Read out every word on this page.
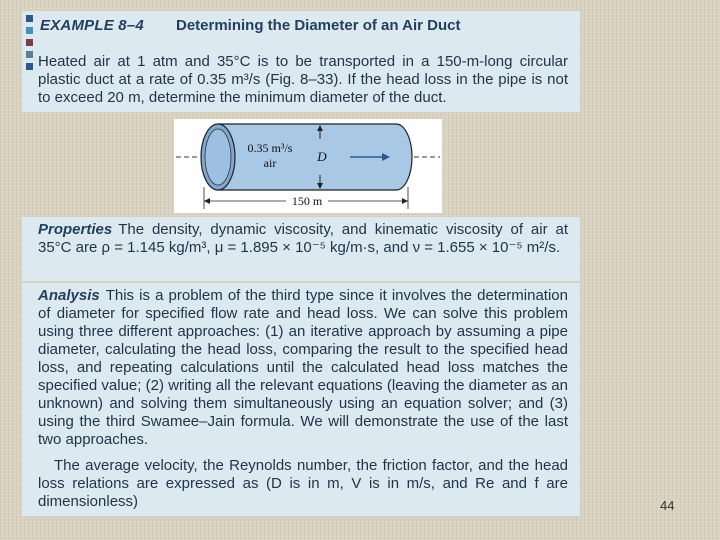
EXAMPLE 8–4 Determining the Diameter of an Air Duct

Heated air at 1 atm and 35°C is to be transported in a 150-m-long circular plastic duct at a rate of 0.35 m³/s (Fig. 8–33). If the head loss in the pipe is not to exceed 20 m, determine the minimum diameter of the duct.

0.35 m³/s
air	D
150 m

Properties The density, dynamic viscosity, and kinematic viscosity of air at 35°C are ρ = 1.145 kg/m³, μ = 1.895 × 10⁻⁵ kg/m·s, and ν = 1.655 × 10⁻⁵ m²/s.

Analysis This is a problem of the third type since it involves the determination of diameter for specified flow rate and head loss. We can solve this problem using three different approaches: (1) an iterative approach by assuming a pipe diameter, calculating the head loss, comparing the result to the specified head loss, and repeating calculations until the calculated head loss matches the specified value; (2) writing all the relevant equations (leaving the diameter as an unknown) and solving them simultaneously using an equation solver; and (3) using the third Swamee–Jain formula. We will demonstrate the use of the last two approaches.

The average velocity, the Reynolds number, the friction factor, and the head loss relations are expressed as (D is in m, V is in m/s, and Re and f are dimensionless)	44
